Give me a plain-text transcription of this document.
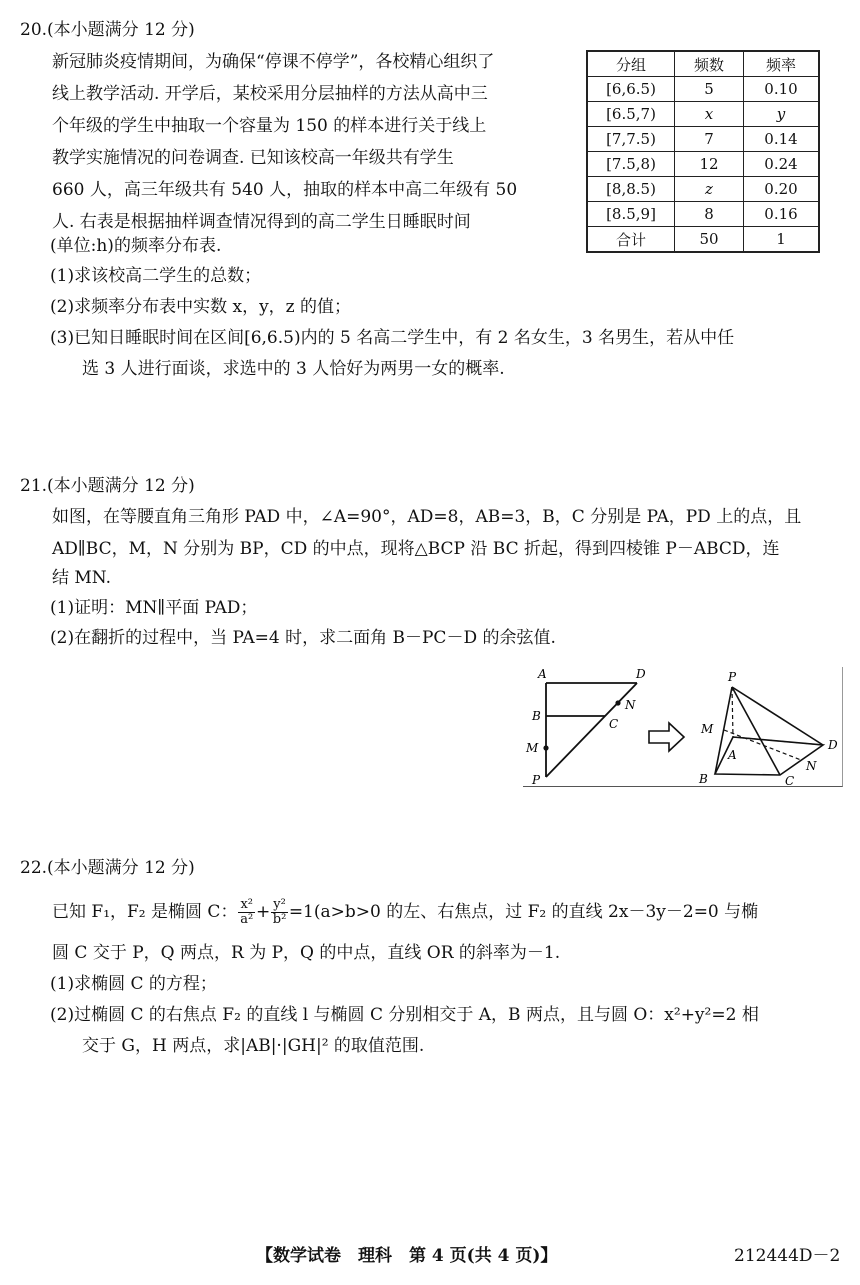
20.(本小题满分 12 分)
新冠肺炎疫情期间，为确保“停课不停学”，各校精心组织了
线上教学活动. 开学后，某校采用分层抽样的方法从高中三
个年级的学生中抽取一个容量为 150 的样本进行关于线上
教学实施情况的问卷调查. 已知该校高一年级共有学生
660 人，高三年级共有 540 人，抽取的样本中高二年级有 50
人. 右表是根据抽样调查情况得到的高二学生日睡眠时间
(单位:h)的频率分布表.
(1)求该校高二学生的总数；
(2)求频率分布表中实数 x，y，z 的值；
(3)已知日睡眠时间在区间[6,6.5)内的 5 名高二学生中，有 2 名女生，3 名男生，若从中任
选 3 人进行面谈，求选中的 3 人恰好为两男一女的概率.
分组	频数	频率
[6,6.5)	5	0.10
[6.5,7)	x	y
[7,7.5)	7	0.14
[7.5,8)	12	0.24
[8,8.5)	z	0.20
[8.5,9]	8	0.16
合计	50	1
21.(本小题满分 12 分)
如图，在等腰直角三角形 PAD 中，∠A=90°，AD=8，AB=3，B，C 分别是 PA，PD 上的点，且
AD∥BC，M，N 分别为 BP，CD 的中点，现将△BCP 沿 BC 折起，得到四棱锥 P－ABCD，连
结 MN.
(1)证明：MN∥平面 PAD；
(2)在翻折的过程中，当 PA=4 时，求二面角 B－PC－D 的余弦值.
A	D
B
C
N
M
P
P
M
A
D
N
B	C
22.(本小题满分 12 分)
已知 F₁，F₂ 是椭圆 C： $\frac{\text{x²}}{\text{a²}} + \frac{\text{y²}}{\text{b²}} =1(a>b>0$ 的左、右焦点，过 F₂ 的直线 2x－3y－2=0 与椭
圆 C 交于 P，Q 两点，R 为 P，Q 的中点，直线 OR 的斜率为－1.
(1)求椭圆 C 的方程；
(2)过椭圆 C 的右焦点 F₂ 的直线 l 与椭圆 C 分别相交于 A，B 两点，且与圆 O：x²+y²=2 相
交于 G，H 两点，求|AB|·|GH|² 的取值范围.
【数学试卷　理科　第 4 页(共 4 页)】	212444D－2
